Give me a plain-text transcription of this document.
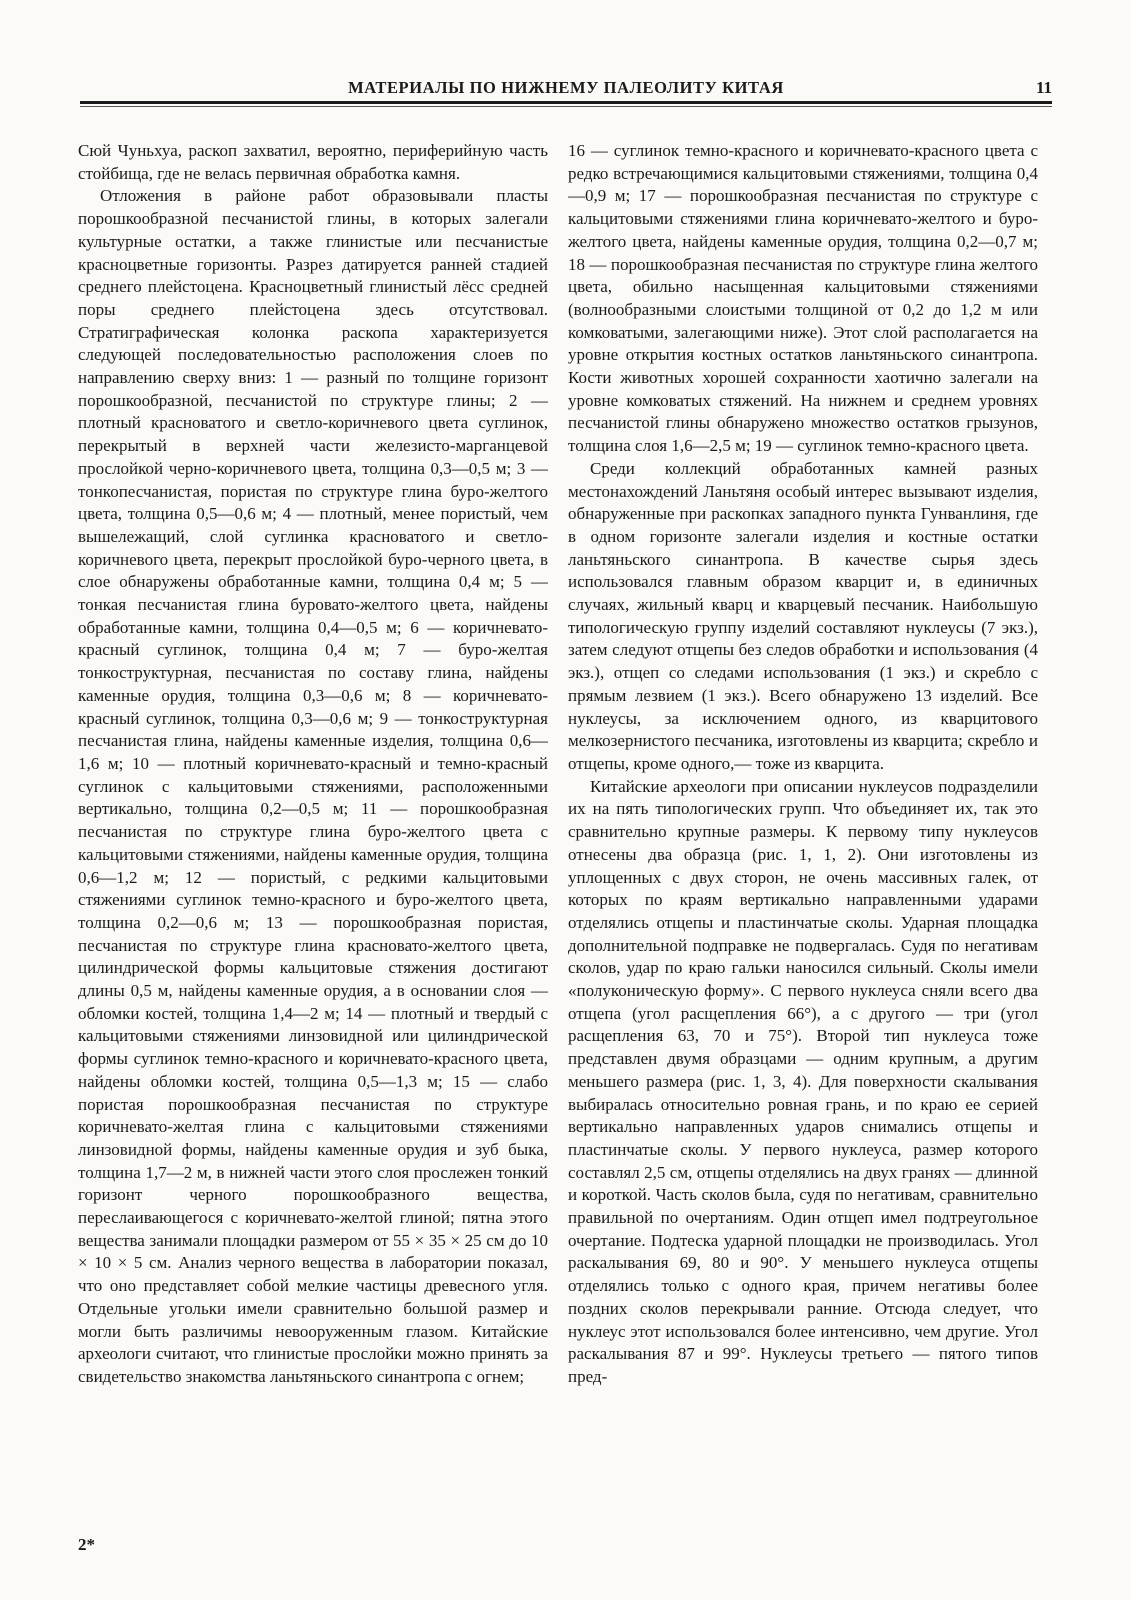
МАТЕРИАЛЫ ПО НИЖНЕМУ ПАЛЕОЛИТУ КИТАЯ	11

Сюй Чуньхуа, раскоп захватил, вероятно, периферийную часть стойбища, где не велась первичная обработка камня.

Отложения в районе работ образовывали пласты порошкообразной песчанистой глины, в которых залегали культурные остатки, а также глинистые или песчанистые красноцветные горизонты. Разрез датируется ранней стадией среднего плейстоцена. Красноцветный глинистый лёсс средней поры среднего плейстоцена здесь отсутствовал. Стратиграфическая колонка раскопа характеризуется следующей последовательностью расположения слоев по направлению сверху вниз: 1 — разный по толщине горизонт порошкообразной, песчанистой по структуре глины; 2 — плотный красноватого и светло-коричневого цвета суглинок, перекрытый в верхней части железисто-марганцевой прослойкой черно-коричневого цвета, толщина 0,3—0,5 м; 3 — тонкопесчанистая, пористая по структуре глина буро-желтого цвета, толщина 0,5—0,6 м; 4 — плотный, менее пористый, чем вышележащий, слой суглинка красноватого и светло-коричневого цвета, перекрыт прослойкой буро-черного цвета, в слое обнаружены обработанные камни, толщина 0,4 м; 5 — тонкая песчанистая глина буровато-желтого цвета, найдены обработанные камни, толщина 0,4—0,5 м; 6 — коричневато-красный суглинок, толщина 0,4 м; 7 — буро-желтая тонкоструктурная, песчанистая по составу глина, найдены каменные орудия, толщина 0,3—0,6 м; 8 — коричневато-красный суглинок, толщина 0,3—0,6 м; 9 — тонкоструктурная песчанистая глина, найдены каменные изделия, толщина 0,6—1,6 м; 10 — плотный коричневато-красный и темно-красный суглинок с кальцитовыми стяжениями, расположенными вертикально, толщина 0,2—0,5 м; 11 — порошкообразная песчанистая по структуре глина буро-желтого цвета с кальцитовыми стяжениями, найдены каменные орудия, толщина 0,6—1,2 м; 12 — пористый, с редкими кальцитовыми стяжениями суглинок темно-красного и буро-желтого цвета, толщина 0,2—0,6 м; 13 — порошкообразная пористая, песчанистая по структуре глина красновато-желтого цвета, цилиндрической формы кальцитовые стяжения достигают длины 0,5 м, найдены каменные орудия, а в основании слоя — обломки костей, толщина 1,4—2 м; 14 — плотный и твердый с кальцитовыми стяжениями линзовидной или цилиндрической формы суглинок темно-красного и коричневато-красного цвета, найдены обломки костей, толщина 0,5—1,3 м; 15 — слабо пористая порошкообразная песчанистая по структуре коричневато-желтая глина с кальцитовыми стяжениями линзовидной формы, найдены каменные орудия и зуб быка, толщина 1,7—2 м, в нижней части этого слоя прослежен тонкий горизонт черного порошкообразного вещества, переслаивающегося с коричневато-желтой глиной; пятна этого вещества занимали площадки размером от 55 × 35 × 25 см до 10 × 10 × 5 см. Анализ черного вещества в лаборатории показал, что оно представляет собой мелкие частицы древесного угля. Отдельные угольки имели сравнительно большой размер и могли быть различимы невооруженным глазом. Китайские археологи считают, что глинистые прослойки можно принять за свидетельство знакомства ланьтяньского синантропа с огнем;

16 — суглинок темно-красного и коричневато-красного цвета с редко встречающимися кальцитовыми стяжениями, толщина 0,4—0,9 м; 17 — порошкообразная песчанистая по структуре с кальцитовыми стяжениями глина коричневато-желтого и буро-желтого цвета, найдены каменные орудия, толщина 0,2—0,7 м; 18 — порошкообразная песчанистая по структуре глина желтого цвета, обильно насыщенная кальцитовыми стяжениями (волнообразными слоистыми толщиной от 0,2 до 1,2 м или комковатыми, залегающими ниже). Этот слой располагается на уровне открытия костных остатков ланьтяньского синантропа. Кости животных хорошей сохранности хаотично залегали на уровне комковатых стяжений. На нижнем и среднем уровнях песчанистой глины обнаружено множество остатков грызунов, толщина слоя 1,6—2,5 м; 19 — суглинок темно-красного цвета.

Среди коллекций обработанных камней разных местонахождений Ланьтяня особый интерес вызывают изделия, обнаруженные при раскопках западного пункта Гунванлиня, где в одном горизонте залегали изделия и костные остатки ланьтяньского синантропа. В качестве сырья здесь использовался главным образом кварцит и, в единичных случаях, жильный кварц и кварцевый песчаник. Наибольшую типологическую группу изделий составляют нуклеусы (7 экз.), затем следуют отщепы без следов обработки и использования (4 экз.), отщеп со следами использования (1 экз.) и скребло с прямым лезвием (1 экз.). Всего обнаружено 13 изделий. Все нуклеусы, за исключением одного, из кварцитового мелкозернистого песчаника, изготовлены из кварцита; скребло и отщепы, кроме одного,— тоже из кварцита.

Китайские археологи при описании нуклеусов подразделили их на пять типологических групп. Что объединяет их, так это сравнительно крупные размеры. К первому типу нуклеусов отнесены два образца (рис. 1, 1, 2). Они изготовлены из уплощенных с двух сторон, не очень массивных галек, от которых по краям вертикально направленными ударами отделялись отщепы и пластинчатые сколы. Ударная площадка дополнительной подправке не подвергалась. Судя по негативам сколов, удар по краю гальки наносился сильный. Сколы имели «полуконическую форму». С первого нуклеуса сняли всего два отщепа (угол расщепления 66°), а с другого — три (угол расщепления 63, 70 и 75°). Второй тип нуклеуса тоже представлен двумя образцами — одним крупным, а другим меньшего размера (рис. 1, 3, 4). Для поверхности скалывания выбиралась относительно ровная грань, и по краю ее серией вертикально направленных ударов снимались отщепы и пластинчатые сколы. У первого нуклеуса, размер которого составлял 2,5 см, отщепы отделялись на двух гранях — длинной и короткой. Часть сколов была, судя по негативам, сравнительно правильной по очертаниям. Один отщеп имел подтреугольное очертание. Подтеска ударной площадки не производилась. Угол раскалывания 69, 80 и 90°. У меньшего нуклеуса отщепы отделялись только с одного края, причем негативы более поздних сколов перекрывали ранние. Отсюда следует, что нуклеус этот использовался более интенсивно, чем другие. Угол раскалывания 87 и 99°. Нуклеусы третьего — пятого типов пред-

2*
